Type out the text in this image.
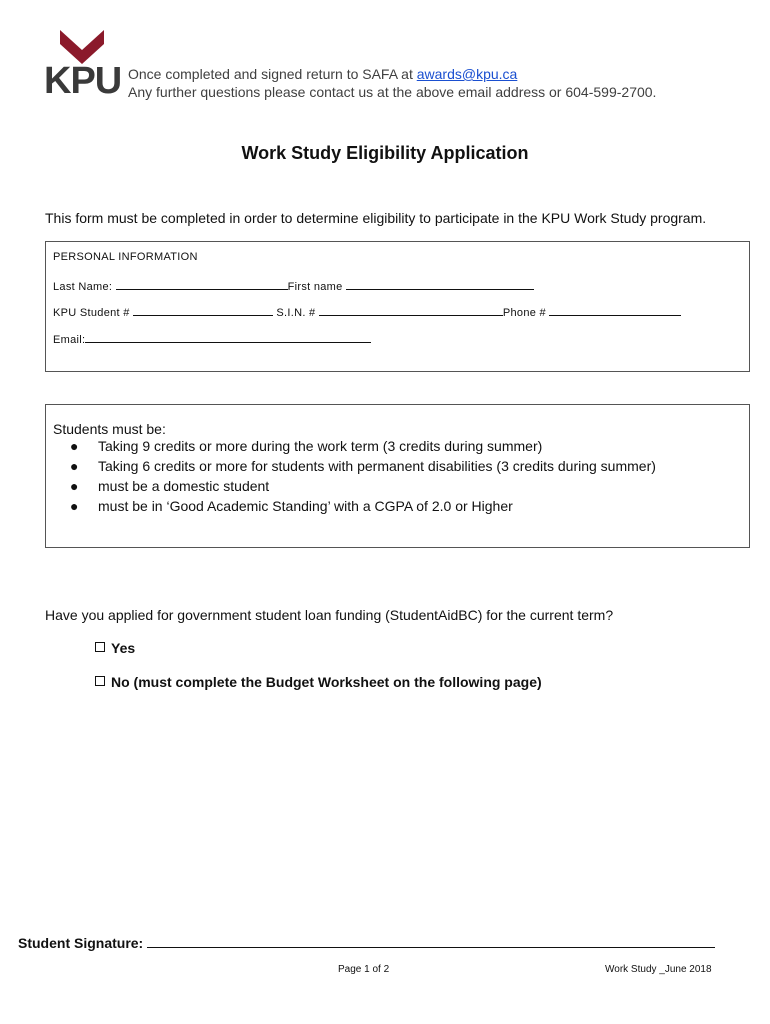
KPU Once completed and signed return to SAFA at awards@kpu.ca
Any further questions please contact us at the above email address or 604-599-2700.
Work Study Eligibility Application
This form must be completed in order to determine eligibility to participate in the KPU Work Study program.
PERSONAL INFORMATION
Last Name:	First name
KPU Student #	S.I.N. #	Phone #
Email:
Students must be:
● Taking 9 credits or more during the work term (3 credits during summer)
● Taking 6 credits or more for students with permanent disabilities (3 credits during summer)
● must be a domestic student
● must be in ‘Good Academic Standing’ with a CGPA of 2.0 or Higher
Have you applied for government student loan funding (StudentAidBC) for the current term?
Yes
No (must complete the Budget Worksheet on the following page)
Student Signature:
Page 1 of 2	Work Study _June 2018
